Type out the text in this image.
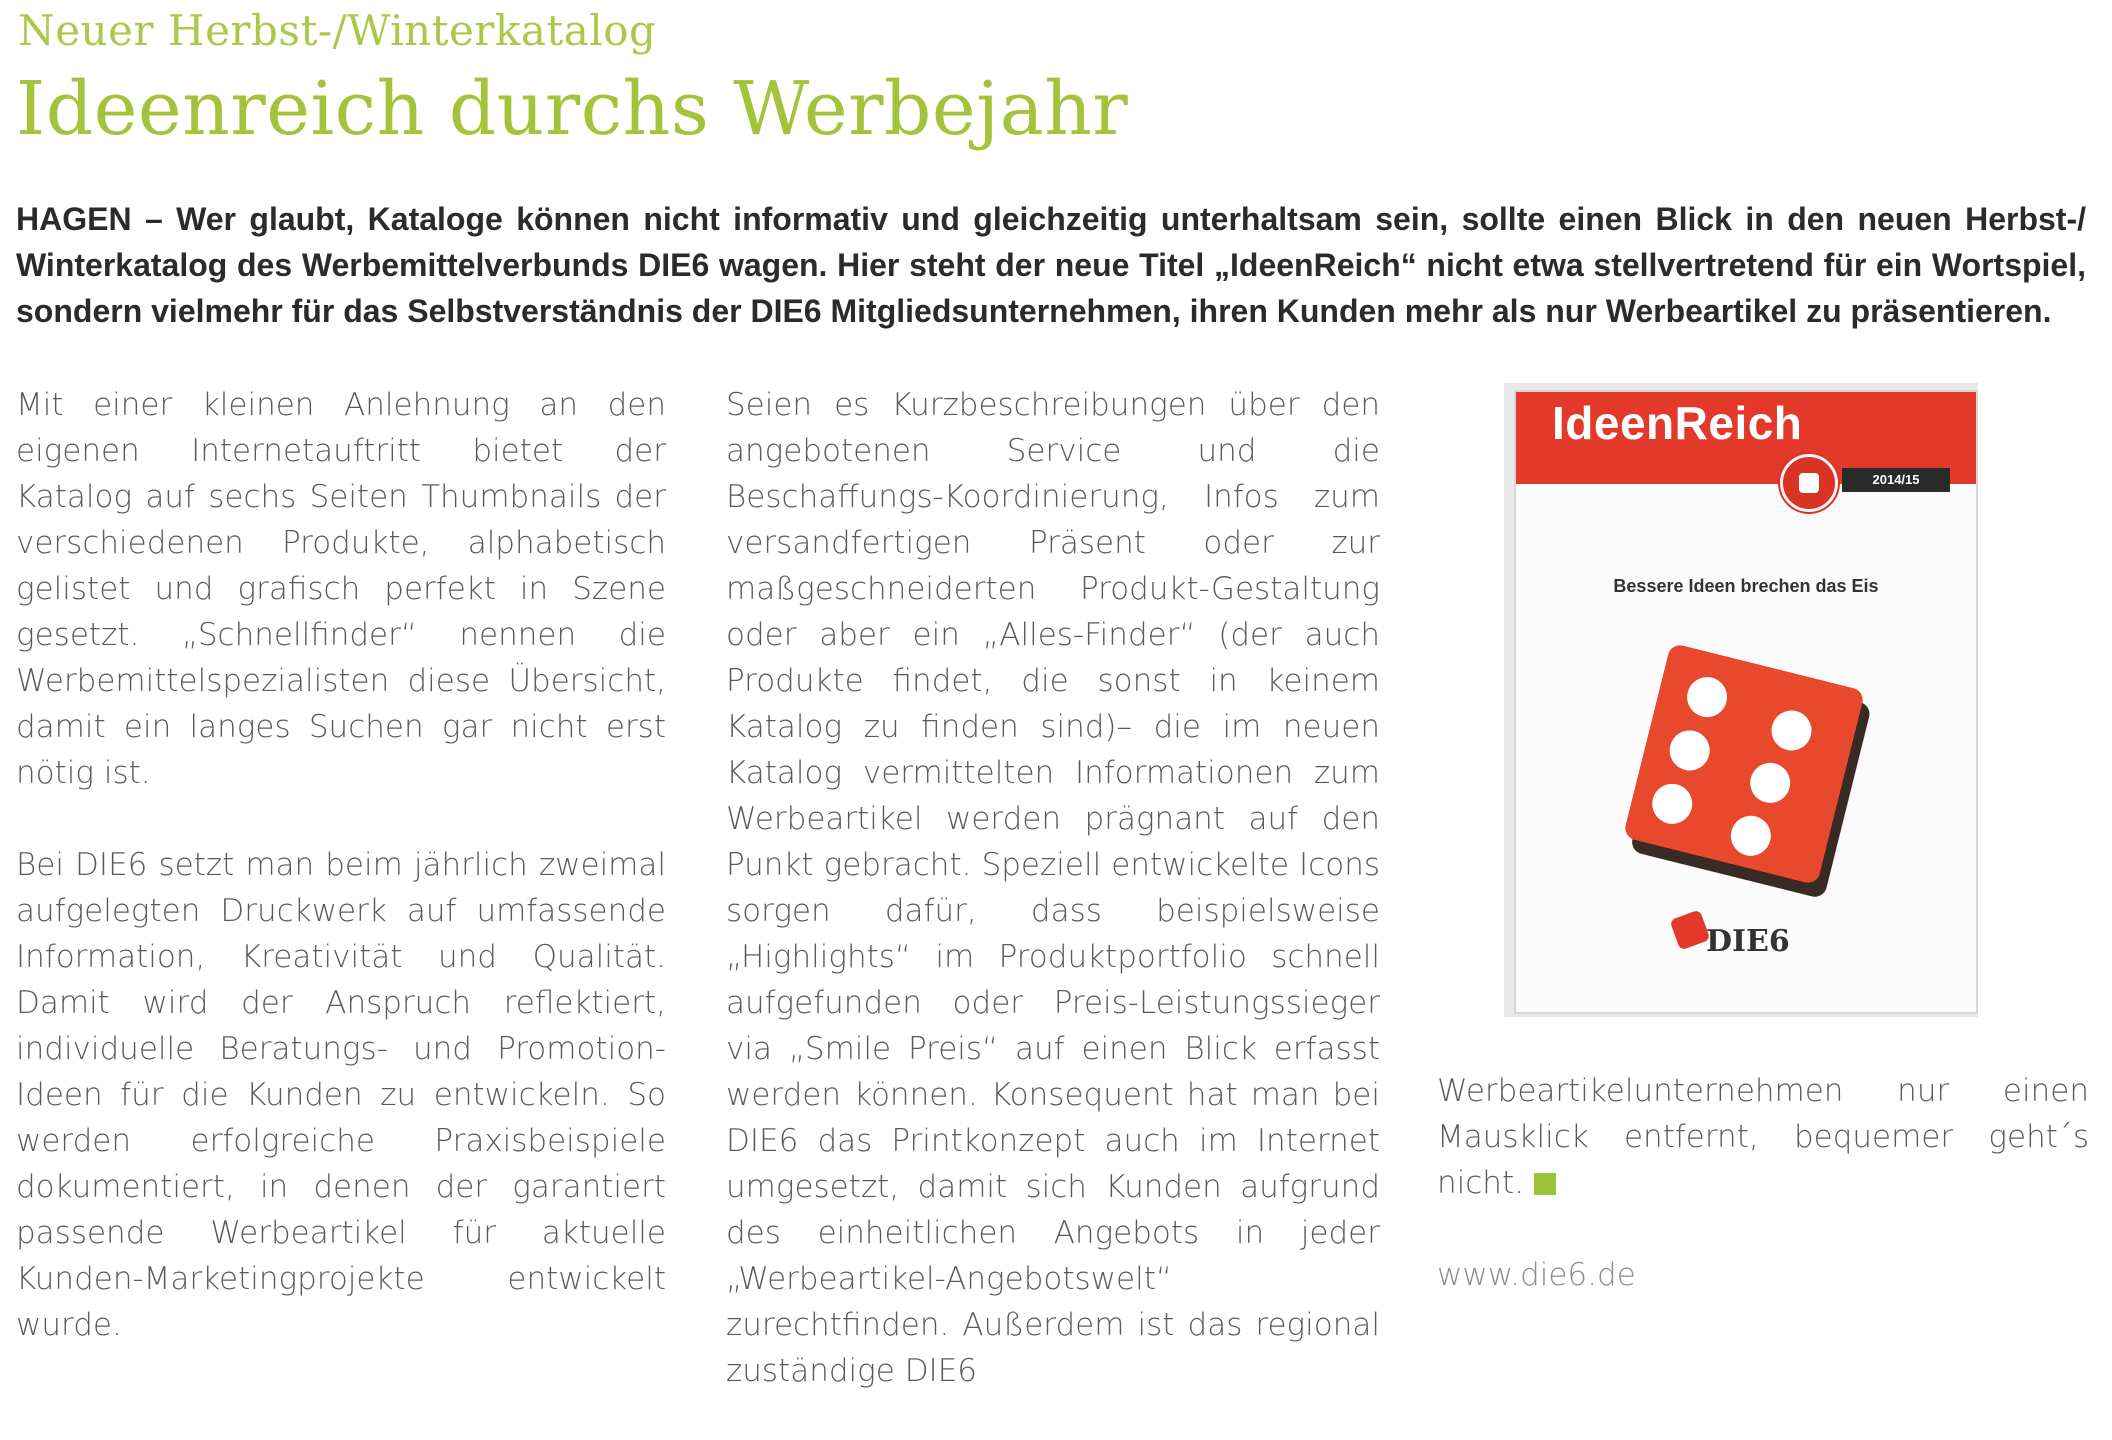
Neuer Herbst-/Winterkatalog
Ideenreich durchs Werbejahr

HAGEN – Wer glaubt, Kataloge können nicht informativ und gleichzeitig unterhaltsam sein, sollte einen Blick in den neuen Herbst-/ Winterkatalog des Werbemittelverbunds DIE6 wagen. Hier steht der neue Titel „IdeenReich“ nicht etwa stellvertretend für ein Wortspiel, sondern vielmehr für das Selbstverständnis der DIE6 Mitgliedsunternehmen, ihren Kunden mehr als nur Werbeartikel zu präsentieren.

Mit einer kleinen Anlehnung an den eigenen Internetauftritt bietet der Katalog auf sechs Seiten Thumbnails der verschiedenen Produkte, alphabetisch gelistet und grafisch perfekt in Szene gesetzt. „Schnellfinder“ nennen die Werbemittelspezialisten diese Übersicht, damit ein langes Suchen gar nicht erst nötig ist.

Bei DIE6 setzt man beim jährlich zweimal aufgelegten Druckwerk auf umfassende Information, Kreativität und Qualität. Damit wird der Anspruch reflektiert, individuelle Beratungs- und Promotion-Ideen für die Kunden zu entwickeln. So werden erfolgreiche Praxisbeispiele dokumentiert, in denen der garantiert passende Werbeartikel für aktuelle Kunden-Marketingprojekte entwickelt wurde.

Seien es Kurzbeschreibungen über den angebotenen Service und die Beschaffungs-Koordinierung, Infos zum versandfertigen Präsent oder zur maßgeschneiderten Produkt-Gestaltung oder aber ein „Alles-Finder“ (der auch Produkte findet, die sonst in keinem Katalog zu finden sind)– die im neuen Katalog vermittelten Informationen zum Werbeartikel werden prägnant auf den Punkt gebracht. Speziell entwickelte Icons sorgen dafür, dass beispielsweise „Highlights“ im Produktportfolio schnell aufgefunden oder Preis-Leistungssieger via „Smile Preis“ auf einen Blick erfasst werden können. Konsequent hat man bei DIE6 das Printkonzept auch im Internet umgesetzt, damit sich Kunden aufgrund des einheitlichen Angebots in jeder „Werbeartikel-Angebotswelt“ zurechtfinden. Außerdem ist das regional zuständige DIE6

IdeenReich
2014/15
Bessere Ideen brechen das Eis
DIE6

Werbeartikelunternehmen nur einen Mausklick entfernt, bequemer geht´s nicht.

www.die6.de
